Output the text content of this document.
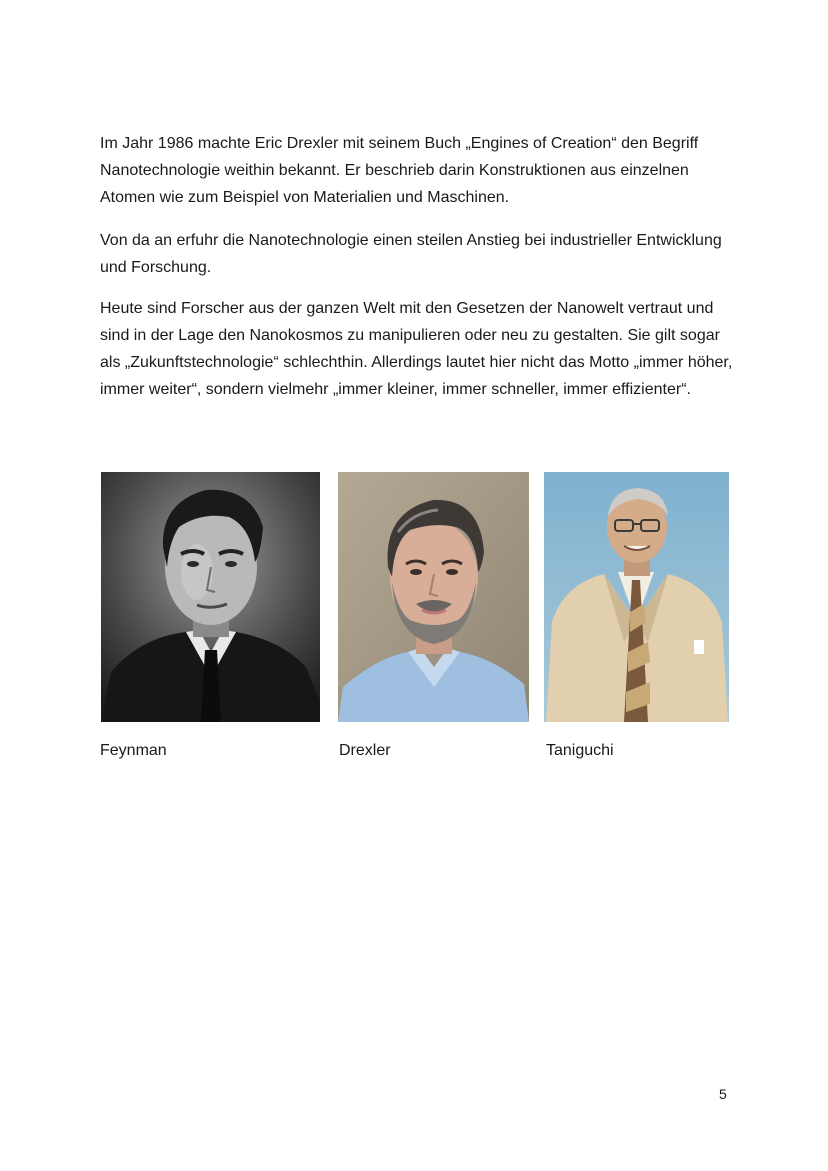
Im Jahr 1986 machte Eric Drexler mit seinem Buch „Engines of Creation“ den Begriff Nanotechnologie weithin bekannt. Er beschrieb darin Konstruktionen aus einzelnen Atomen wie zum Beispiel von Materialien und Maschinen.

Von da an erfuhr die Nanotechnologie einen steilen Anstieg bei industrieller Entwicklung und Forschung.

Heute sind Forscher aus der ganzen Welt mit den Gesetzen der Nanowelt vertraut und sind in der Lage den Nanokosmos zu manipulieren oder neu zu gestalten. Sie gilt sogar als „Zukunftstechnologie“ schlechthin. Allerdings lautet hier nicht das Motto „immer höher, immer weiter“, sondern vielmehr „immer kleiner, immer schneller, immer effizienter“.

Feynman	Drexler	Taniguchi
5
